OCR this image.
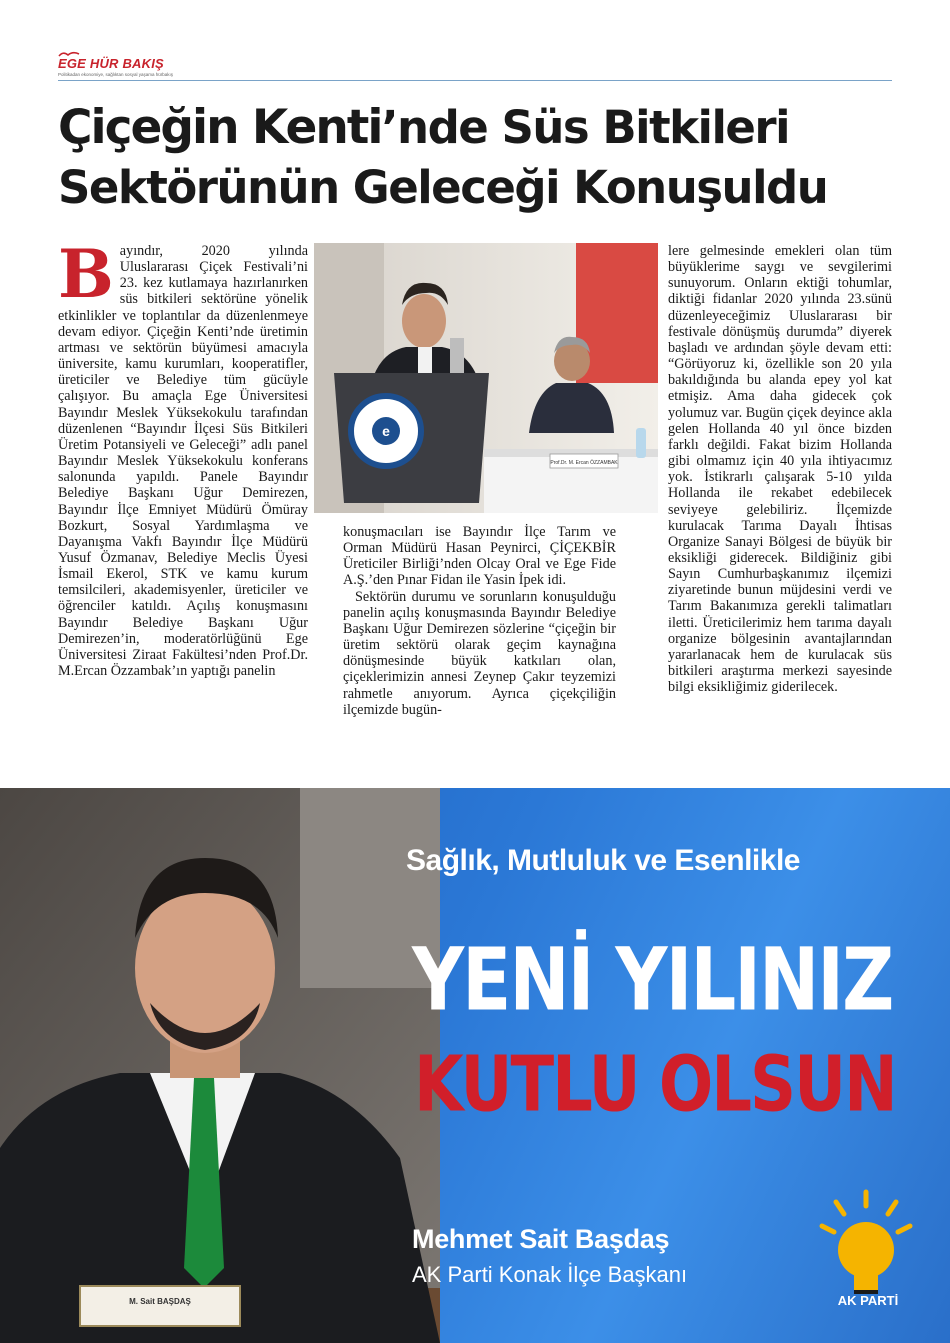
EGE HÜR BAKIŞ
Politikadan ekonomiye, sağlıktan sosyal yaşama hürbakış
Çiçeğin Kenti’nde Süs Bitkileri
Sektörünün Geleceği Konuşuldu
B ayındır, 2020 yılında Uluslararası Çiçek Festivali’ni 23. kez kutlamaya hazırlanırken süs bitkileri sektörüne yönelik etkinlikler ve toplantılar da düzenlenmeye devam ediyor. Çiçeğin Kenti’nde üretimin artması ve sektörün büyümesi amacıyla üniversite, kamu kurumları, kooperatifler, üreticiler ve Belediye tüm gücüyle çalışıyor. Bu amaçla Ege Üniversitesi Bayındır Meslek Yüksekokulu tarafından düzenlenen “Bayındır İlçesi Süs Bitkileri Üretim Potansiyeli ve Geleceği” adlı panel Bayındır Meslek Yüksekokulu konferans salonunda yapıldı. Panele Bayındır Belediye Başkanı Uğur Demirezen, Bayındır İlçe Emniyet Müdürü Ömüray Bozkurt, Sosyal Yardımlaşma ve Dayanışma Vakfı Bayındır İlçe Müdürü Yusuf Özmanav, Belediye Meclis Üyesi İsmail Ekerol, STK ve kamu kurum temsilcileri, akademisyenler, üreticiler ve öğrenciler katıldı. Açılış konuşmasını Bayındır Belediye Başkanı Uğur Demirezen’in, moderatörlüğünü Ege Üniversitesi Ziraat Fakültesi’nden Prof.Dr. M.Ercan Özzambak’ın yaptığı panelin

e
Prof.Dr. M. Ercan ÖZZAMBAK

konuşmacıları ise Bayındır İlçe Tarım ve Orman Müdürü Hasan Peynirci, ÇİÇEKBİR Üreticiler Birliği’nden Olcay Oral ve Ege Fide A.Ş.’den Pınar Fidan ile Yasin İpek idi.

Sektörün durumu ve sorunların konuşulduğu panelin açılış konuşmasında Bayındır Belediye Başkanı Uğur Demirezen sözlerine “çiçeğin bir üretim sektörü olarak geçim kaynağına dönüşmesinde büyük katkıları olan, çiçeklerimizin annesi Zeynep Çakır teyzemizi rahmetle anıyorum. Ayrıca çiçekçiliğin ilçemizde bugün-

lere gelmesinde emekleri olan tüm büyüklerime saygı ve sevgilerimi sunuyorum. Onların ektiği tohumlar, diktiği fidanlar 2020 yılında 23.sünü düzenleyeceğimiz Uluslararası bir festivale dönüşmüş durumda” diyerek başladı ve ardından şöyle devam etti: “Görüyoruz ki, özellikle son 20 yıla bakıldığında bu alanda epey yol kat etmişiz. Ama daha gidecek çok yolumuz var. Bugün çiçek deyince akla gelen Hollanda 40 yıl önce bizden farklı değildi. Fakat bizim Hollanda gibi olmamız için 40 yıla ihtiyacımız yok. İstikrarlı çalışarak 5-10 yılda Hollanda ile rekabet edebilecek seviyeye gelebiliriz. İlçemizde kurulacak Tarıma Dayalı İhtisas Organize Sanayi Bölgesi de büyük bir eksikliği giderecek. Bildiğiniz gibi Sayın Cumhurbaşkanımız ilçemizi ziyaretinde bunun müjdesini verdi ve Tarım Bakanımıza gerekli talimatları iletti. Üreticilerimiz hem tarıma dayalı organize bölgesinin avantajlarından yararlanacak hem de kurulacak süs bitkileri araştırma merkezi sayesinde bilgi eksikliğimiz giderilecek.

M. Sait BAŞDAŞ
Sağlık, Mutluluk ve Esenlikle
YENİ YILINIZ
KUTLU OLSUN
Mehmet Sait Başdaş
AK Parti Konak İlçe Başkanı
AK PARTİ
